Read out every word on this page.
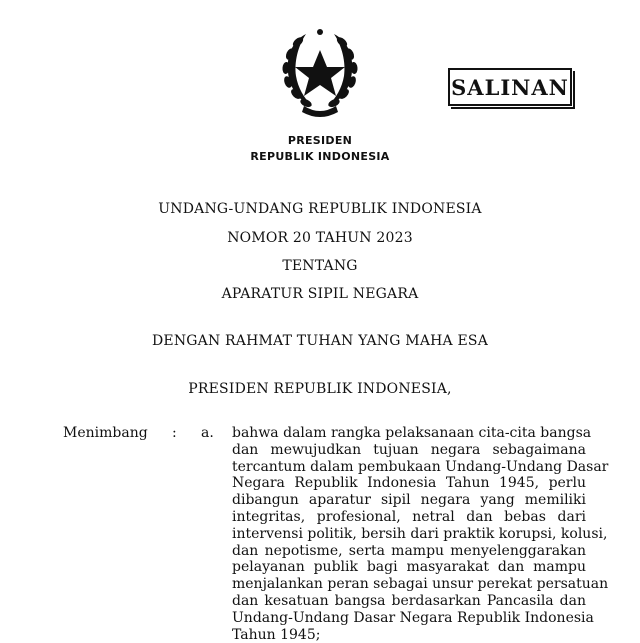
SALINAN
PRESIDEN
REPUBLIK INDONESIA
UNDANG-UNDANG REPUBLIK INDONESIA
NOMOR 20 TAHUN 2023
TENTANG
APARATUR SIPIL NEGARA
DENGAN RAHMAT TUHAN YANG MAHA ESA
PRESIDEN REPUBLIK INDONESIA,
Menimbang : a. bahwa dalam rangka pelaksanaan cita-cita bangsa
dan mewujudkan tujuan negara sebagaimana
tercantum dalam pembukaan Undang-Undang Dasar
Negara Republik Indonesia Tahun 1945, perlu
dibangun aparatur sipil negara yang memiliki
integritas, profesional, netral dan bebas dari
intervensi politik, bersih dari praktik korupsi, kolusi,
dan nepotisme, serta mampu menyelenggarakan
pelayanan publik bagi masyarakat dan mampu
menjalankan peran sebagai unsur perekat persatuan
dan kesatuan bangsa berdasarkan Pancasila dan
Undang-Undang Dasar Negara Republik Indonesia
Tahun 1945;
